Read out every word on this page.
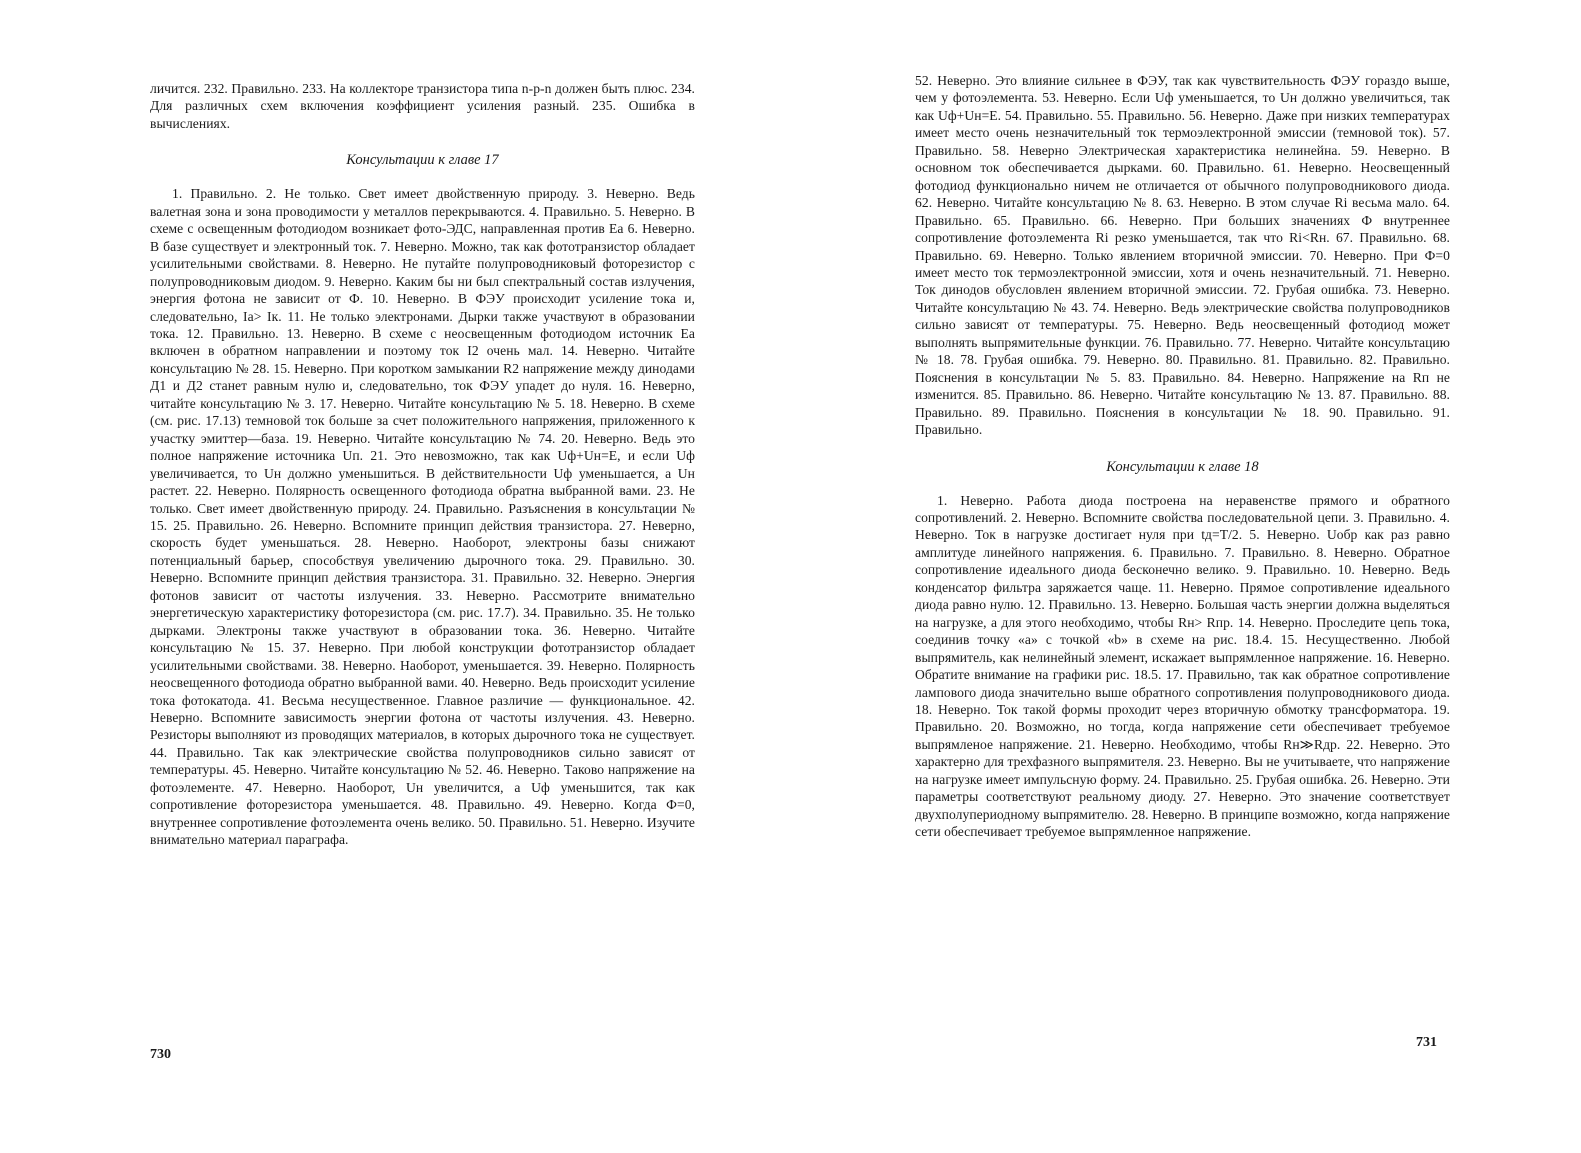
личится. 232. Правильно. 233. На коллекторе транзистора типа n-p-n должен быть плюс. 234. Для различных схем включения коэффициент усиления разный. 235. Ошибка в вычислениях.

Консультации к главе 17

1. Правильно. 2. Не только. Свет имеет двойственную природу. 3. Неверно. Ведь валетная зона и зона проводимости у металлов перекрываются. 4. Правильно. 5. Неверно. В схеме с освещенным фотодиодом возникает фото-ЭДС, направленная против Eа 6. Неверно. В базе существует и электронный ток. 7. Неверно. Можно, так как фототранзистор обладает усилительными свойствами. 8. Неверно. Не путайте полупроводниковый фоторезистор с полупроводниковым диодом. 9. Неверно. Каким бы ни был спектральный состав излучения, энергия фотона не зависит от Ф. 10. Неверно. В ФЭУ происходит усиление тока и, следовательно, Iа> Iк. 11. Не только электронами. Дырки также участвуют в образовании тока. 12. Правильно. 13. Неверно. В схеме с неосвещенным фотодиодом источник Eа включен в обратном направлении и поэтому ток I2 очень мал. 14. Неверно. Читайте консультацию № 28. 15. Неверно. При коротком замыкании R2 напряжение между динодами Д1 и Д2 станет равным нулю и, следовательно, ток ФЭУ упадет до нуля. 16. Неверно, читайте консультацию № 3. 17. Неверно. Читайте консультацию № 5. 18. Неверно. В схеме (см. рис. 17.13) темновой ток больше за счет положительного напряжения, приложенного к участку эмиттер—база. 19. Неверно. Читайте консультацию № 74. 20. Неверно. Ведь это полное напряжение источника Uп. 21. Это невозможно, так как Uф+Uн=E, и если Uф увеличивается, то Uн должно уменьшиться. В действительности Uф уменьшается, а Uн растет. 22. Неверно. Полярность освещенного фотодиода обратна выбранной вами. 23. Не только. Свет имеет двойственную природу. 24. Правильно. Разъяснения в консультации № 15. 25. Правильно. 26. Неверно. Вспомните принцип действия транзистора. 27. Неверно, скорость будет уменьшаться. 28. Неверно. Наоборот, электроны базы снижают потенциальный барьер, способствуя увеличению дырочного тока. 29. Правильно. 30. Неверно. Вспомните принцип действия транзистора. 31. Правильно. 32. Неверно. Энергия фотонов зависит от частоты излучения. 33. Неверно. Рассмотрите внимательно энергетическую характеристику фоторезистора (см. рис. 17.7). 34. Правильно. 35. Не только дырками. Электроны также участвуют в образовании тока. 36. Неверно. Читайте консультацию № 15. 37. Неверно. При любой конструкции фототранзистор обладает усилительными свойствами. 38. Неверно. Наоборот, уменьшается. 39. Неверно. Полярность неосвещенного фотодиода обратно выбранной вами. 40. Неверно. Ведь происходит усиление тока фотокатода. 41. Весьма несущественное. Главное различие — функциональное. 42. Неверно. Вспомните зависимость энергии фотона от частоты излучения. 43. Неверно. Резисторы выполняют из проводящих материалов, в которых дырочного тока не существует. 44. Правильно. Так как электрические свойства полупроводников сильно зависят от температуры. 45. Неверно. Читайте консультацию № 52. 46. Неверно. Таково напряжение на фотоэлементе. 47. Неверно. Наоборот, Uн увеличится, а Uф уменьшится, так как сопротивление фоторезистора уменьшается. 48. Правильно. 49. Неверно. Когда Ф=0, внутреннее сопротивление фотоэлемента очень велико. 50. Правильно. 51. Неверно. Изучите внимательно материал параграфа.

730

52. Неверно. Это влияние сильнее в ФЭУ, так как чувствительность ФЭУ гораздо выше, чем у фотоэлемента. 53. Неверно. Если Uф уменьшается, то Uн должно увеличиться, так как Uф+Uн=E. 54. Правильно. 55. Правильно. 56. Неверно. Даже при низких температурах имеет место очень незначительный ток термоэлектронной эмиссии (темновой ток). 57. Правильно. 58. Неверно Электрическая характеристика нелинейна. 59. Неверно. В основном ток обеспечивается дырками. 60. Правильно. 61. Неверно. Неосвещенный фотодиод функционально ничем не отличается от обычного полупроводникового диода. 62. Неверно. Читайте консультацию № 8. 63. Неверно. В этом случае Ri весьма мало. 64. Правильно. 65. Правильно. 66. Неверно. При больших значениях Ф внутреннее сопротивление фотоэлемента Ri резко уменьшается, так что Ri<Rн. 67. Правильно. 68. Правильно. 69. Неверно. Только явлением вторичной эмиссии. 70. Неверно. При Ф=0 имеет место ток термоэлектронной эмиссии, хотя и очень незначительный. 71. Неверно. Ток динодов обусловлен явлением вторичной эмиссии. 72. Грубая ошибка. 73. Неверно. Читайте консультацию № 43. 74. Неверно. Ведь электрические свойства полупроводников сильно зависят от температуры. 75. Неверно. Ведь неосвещенный фотодиод может выполнять выпрямительные функции. 76. Правильно. 77. Неверно. Читайте консультацию № 18. 78. Грубая ошибка. 79. Неверно. 80. Правильно. 81. Правильно. 82. Правильно. Пояснения в консультации № 5. 83. Правильно. 84. Неверно. Напряжение на Rп не изменится. 85. Правильно. 86. Неверно. Читайте консультацию № 13. 87. Правильно. 88. Правильно. 89. Правильно. Пояснения в консультации № 18. 90. Правильно. 91. Правильно.

Консультации к главе 18

1. Неверно. Работа диода построена на неравенстве прямого и обратного сопротивлений. 2. Неверно. Вспомните свойства последовательной цепи. 3. Правильно. 4. Неверно. Ток в нагрузке достигает нуля при tд=T/2. 5. Неверно. Uобр как раз равно амплитуде линейного напряжения. 6. Правильно. 7. Правильно. 8. Неверно. Обратное сопротивление идеального диода бесконечно велико. 9. Правильно. 10. Неверно. Ведь конденсатор фильтра заряжается чаще. 11. Неверно. Прямое сопротивление идеального диода равно нулю. 12. Правильно. 13. Неверно. Большая часть энергии должна выделяться на нагрузке, а для этого необходимо, чтобы Rн> Rпр. 14. Неверно. Проследите цепь тока, соединив точку «a» с точкой «b» в схеме на рис. 18.4. 15. Несущественно. Любой выпрямитель, как нелинейный элемент, искажает выпрямленное напряжение. 16. Неверно. Обратите внимание на графики рис. 18.5. 17. Правильно, так как обратное сопротивление лампового диода значительно выше обратного сопротивления полупроводникового диода. 18. Неверно. Ток такой формы проходит через вторичную обмотку трансформатора. 19. Правильно. 20. Возможно, но тогда, когда напряжение сети обеспечивает требуемое выпрямленое напряжение. 21. Неверно. Необходимо, чтобы Rн≫Rдр. 22. Неверно. Это характерно для трехфазного выпрямителя. 23. Неверно. Вы не учитываете, что напряжение на нагрузке имеет импульсную форму. 24. Правильно. 25. Грубая ошибка. 26. Неверно. Эти параметры соответствуют реальному диоду. 27. Неверно. Это значение соответствует двухполупериодному выпрямителю. 28. Неверно. В принципе возможно, когда напряжение сети обеспечивает требуемое выпрямленное напряжение.

731
